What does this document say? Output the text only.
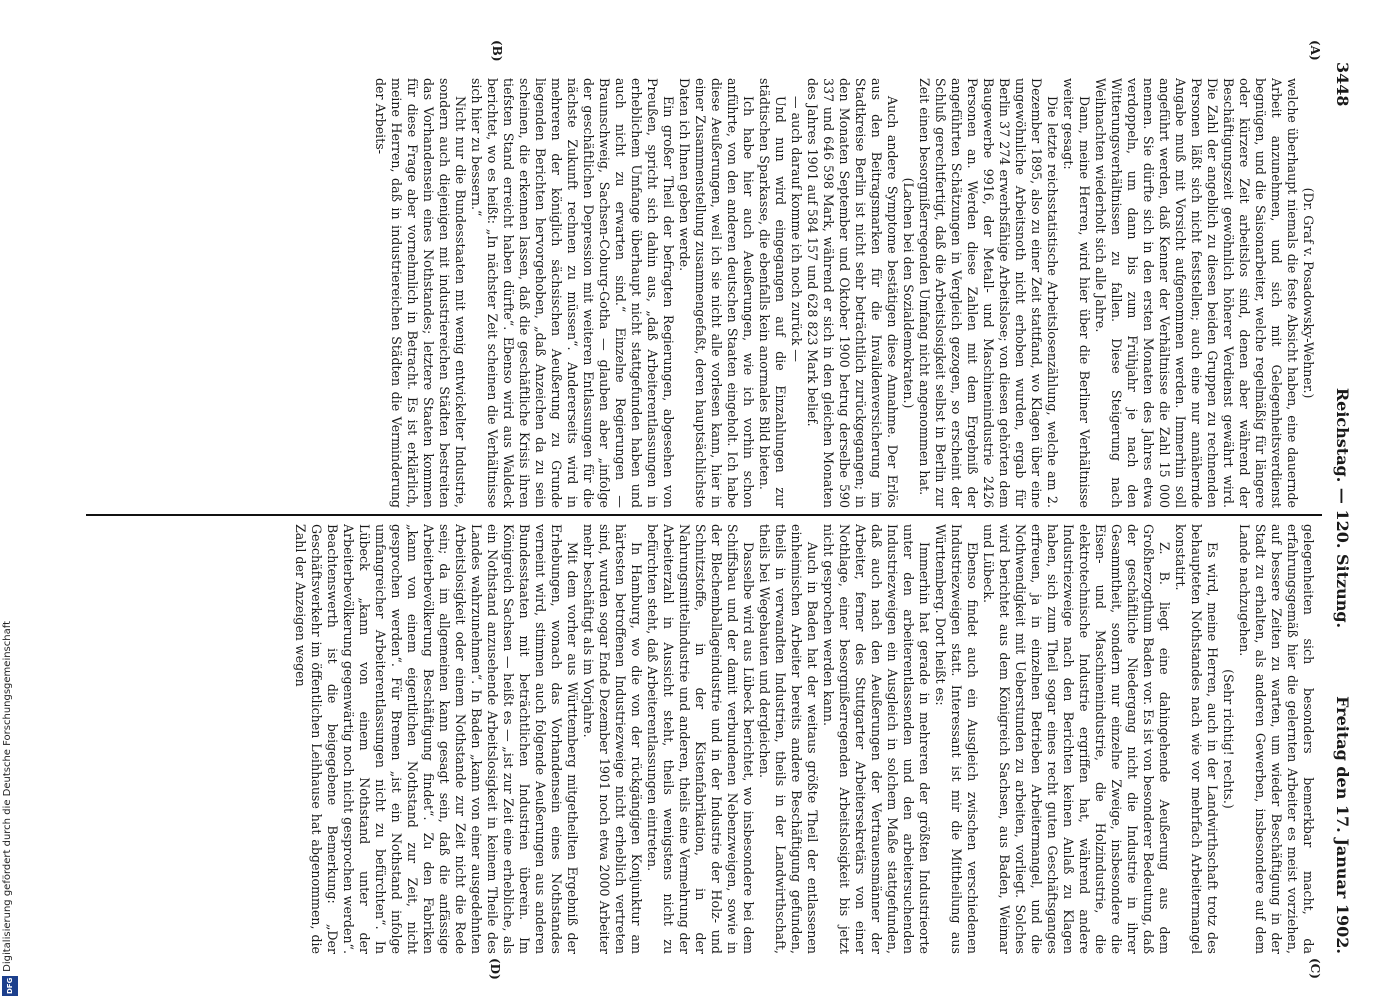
Digitalisierung gefördert durch die Deutsche Forschungsgemeinschaft
DFG
3448
Reichstag. — 120. Sitzung.
Freitag den 17. Januar 1902.
(A)
(B)
(C)
(D)

(Dr. Graf v. Posadowsky-Wehner.)

welche überhaupt niemals die feste Absicht haben, eine dauernde Arbeit anzunehmen, und sich mit Gelegenheitsverdienst begnügen, und die Saisonarbeiter, welche regelmäßig für längere oder kürzere Zeit arbeitslos sind, denen aber während der Beschäftigungszeit gewöhnlich höherer Verdienst gewährt wird. Die Zahl der angeblich zu diesen beiden Gruppen zu rechnenden Personen läßt sich nicht feststellen; auch eine nur annähernde Angabe muß mit Vorsicht aufgenommen werden. Immerhin soll angeführt werden, daß Kenner der Verhältnisse die Zahl 15 000 nennen. Sie dürfte sich in den ersten Monaten des Jahres etwa verdoppeln, um dann bis zum Frühjahr je nach den Witterungsverhältnissen zu fallen. Diese Steigerung nach Weihnachten wiederholt sich alle Jahre.

Dann, meine Herren, wird hier über die Berliner Verhältnisse weiter gesagt:

Die letzte reichsstatistische Arbeitslosenzählung, welche am 2. Dezember 1895, also zu einer Zeit stattfand, wo Klagen über eine ungewöhnliche Arbeitsnoth nicht erhoben wurden, ergab für Berlin 37 274 erwerbsfähige Arbeitslose; von diesen gehörten dem Baugewerbe 9916, der Metall- und Maschinenindustrie 2426 Personen an. Werden diese Zahlen mit dem Ergebniß der angeführten Schätzungen in Vergleich gezogen, so erscheint der Schluß gerechtfertigt, daß die Arbeitslosigkeit selbst in Berlin zur Zeit einen besorgnißerregenden Umfang nicht angenommen hat.

(Lachen bei den Sozialdemokraten.)

Auch andere Symptome bestätigen diese Annahme. Der Erlös aus den Beitragsmarken für die Invalidenversicherung im Stadtkreise Berlin ist nicht sehr beträchtlich zurückgegangen; in den Monaten September und Oktober 1900 betrug derselbe 590 337 und 646 598 Mark, während er sich in den gleichen Monaten des Jahres 1901 auf 584 157 und 628 823 Mark belief.

— auch darauf komme ich noch zurück —

Und nun wird eingegangen auf die Einzahlungen zur städtischen Sparkasse, die ebenfalls kein anormales Bild bieten.

Ich habe hier auch Aeußerungen, wie ich vorhin schon anführte, von den anderen deutschen Staaten eingeholt. Ich habe diese Aeußerungen, weil ich sie nicht alle vorlesen kann, hier in einer Zusammenstellung zusammengefaßt, deren hauptsächlichste Daten ich Ihnen geben werde.

Ein großer Theil der befragten Regierungen, abgesehen von Preußen, spricht sich dahin aus, „daß Arbeiterentlassungen in erheblichem Umfange überhaupt nicht stattgefunden haben und auch nicht zu erwarten sind.“ Einzelne Regierungen — Braunschweig, Sachsen-Coburg-Gotha — glauben aber „infolge der geschäftlichen Depression mit weiteren Entlassungen für die nächste Zukunft rechnen zu müssen“. Andererseits wird in mehreren der königlich sächsischen Aeußerung zu Grunde liegenden Berichten hervorgehoben, „daß Anzeichen da zu sein scheinen, die erkennen lassen, daß die geschäftliche Krisis ihren tiefsten Stand erreicht haben dürfte“. Ebenso wird aus Waldeck berichtet, wo es heißt: „In nächster Zeit scheinen die Verhältnisse sich hier zu bessern.“

Nicht nur die Bundesstaaten mit wenig entwickelter Industrie, sondern auch diejenigen mit industriereichen Städten bestreiten das Vorhandensein eines Nothstandes; letztere Staaten kommen für diese Frage aber vornehmlich in Betracht. Es ist erklärlich, meine Herren, daß in industriereichen Städten die Verminderung der Arbeits-

gelegenheiten sich besonders bemerkbar macht, da erfahrungsgemäß hier die gelernten Arbeiter es meist vorziehen, auf bessere Zeiten zu warten, um wieder Beschäftigung in der Stadt zu erhalten, als anderen Gewerben, insbesondere auf dem Lande nachzugehen.

(Sehr richtig! rechts.)

Es wird, meine Herren, auch in der Landwirthschaft trotz des behaupteten Nothstandes nach wie vor mehrfach Arbeitermangel konstatirt.

Z. B. liegt eine dahingehende Aeußerung aus dem Großherzogthum Baden vor. Es ist von besonderer Bedeutung, daß der geschäftliche Niedergang nicht die Industrie in ihrer Gesammtheit, sondern nur einzelne Zweige, insbesondere die Eisen- und Maschinenindustrie, die Holzindustrie, die elektrotechnische Industrie ergriffen hat, während andere Industriezweige nach den Berichten keinen Anlaß zu Klagen haben, sich zum Theil sogar eines recht guten Geschäftsganges erfreuen, ja in einzelnen Betrieben Arbeitermangel, und die Nothwendigkeit mit Ueberstunden zu arbeiten, vorliegt. Solches wird berichtet aus dem Königreich Sachsen, aus Baden, Weimar und Lübeck.

Ebenso findet auch ein Ausgleich zwischen verschiedenen Industriezweigen statt. Interessant ist mir die Mittheilung aus Württemberg. Dort heißt es:

Immerhin hat gerade in mehreren der größten Industrieorte unter den arbeiterentlassenden und den arbeitersuchenden Industriezweigen ein Ausgleich in solchem Maße stattgefunden, daß auch nach den Aeußerungen der Vertrauensmänner der Arbeiter, ferner des Stuttgarter Arbeitersekretärs von einer Nothlage, einer besorgnißerregenden Arbeitslosigkeit bis jetzt nicht gesprochen werden kann.

Auch in Baden hat der weitaus größte Theil der entlassenen einheimischen Arbeiter bereits andere Beschäftigung gefunden, theils in verwandten Industrien, theils in der Landwirthschaft, theils bei Wegebauten und dergleichen.

Dasselbe wird aus Lübeck berichtet, wo insbesondere bei dem Schiffsbau und der damit verbundenen Nebenzweigen, sowie in der Blechemballageindustrie und in der Industrie der Holz- und Schnitzstoffe, in der Kistenfabrikation, in der Nahrungsmittelindustrie und anderen, theils eine Vermehrung der Arbeiterzahl in Aussicht steht, theils wenigstens nicht zu befürchten steht, daß Arbeiterentlassungen eintreten.

In Hamburg, wo die von der rückgängigen Konjunktur am härtesten betroffenen Industriezweige nicht erheblich vertreten sind, wurden sogar Ende Dezember 1901 noch etwa 2000 Arbeiter mehr beschäftigt als im Vorjahre.

Mit dem vorher aus Württemberg mitgetheilten Ergebniß der Erhebungen, wonach das Vorhandensein eines Nothstandes verneint wird, stimmen auch folgende Aeußerungen aus anderen Bundesstaaten mit beträchtlichen Industrien überein. Im Königreich Sachsen — heißt es — „ist zur Zeit eine erhebliche, als ein Nothstand anzusehende Arbeitslosigkeit in keinem Theile des Landes wahrzunehmen“. In Baden „kann von einer ausgedehnten Arbeitslosigkeit oder einem Nothstande zur Zeit nicht die Rede sein; da im allgemeinen kann gesagt sein, daß die anfässige Arbeiterbevölkerung Beschäftigung findet“. Zu den Fabriken „kann von einem eigentlichen Nothstand zur Zeit, nicht gesprochen werden“. Für Bremen „ist ein Nothstand infolge umfangreicher Arbeiterentlassungen nicht zu befürchten“. In Lübeck „kann von einem Nothstand unter der Arbeiterbevölkerung gegenwärtig noch nicht gesprochen werden“. Beachtenswerth ist die beigegebene Bemerkung: „Der Geschäftsverkehr im öffentlichen Leihhause hat abgenommen, die Zahl der Anzeigen wegen
